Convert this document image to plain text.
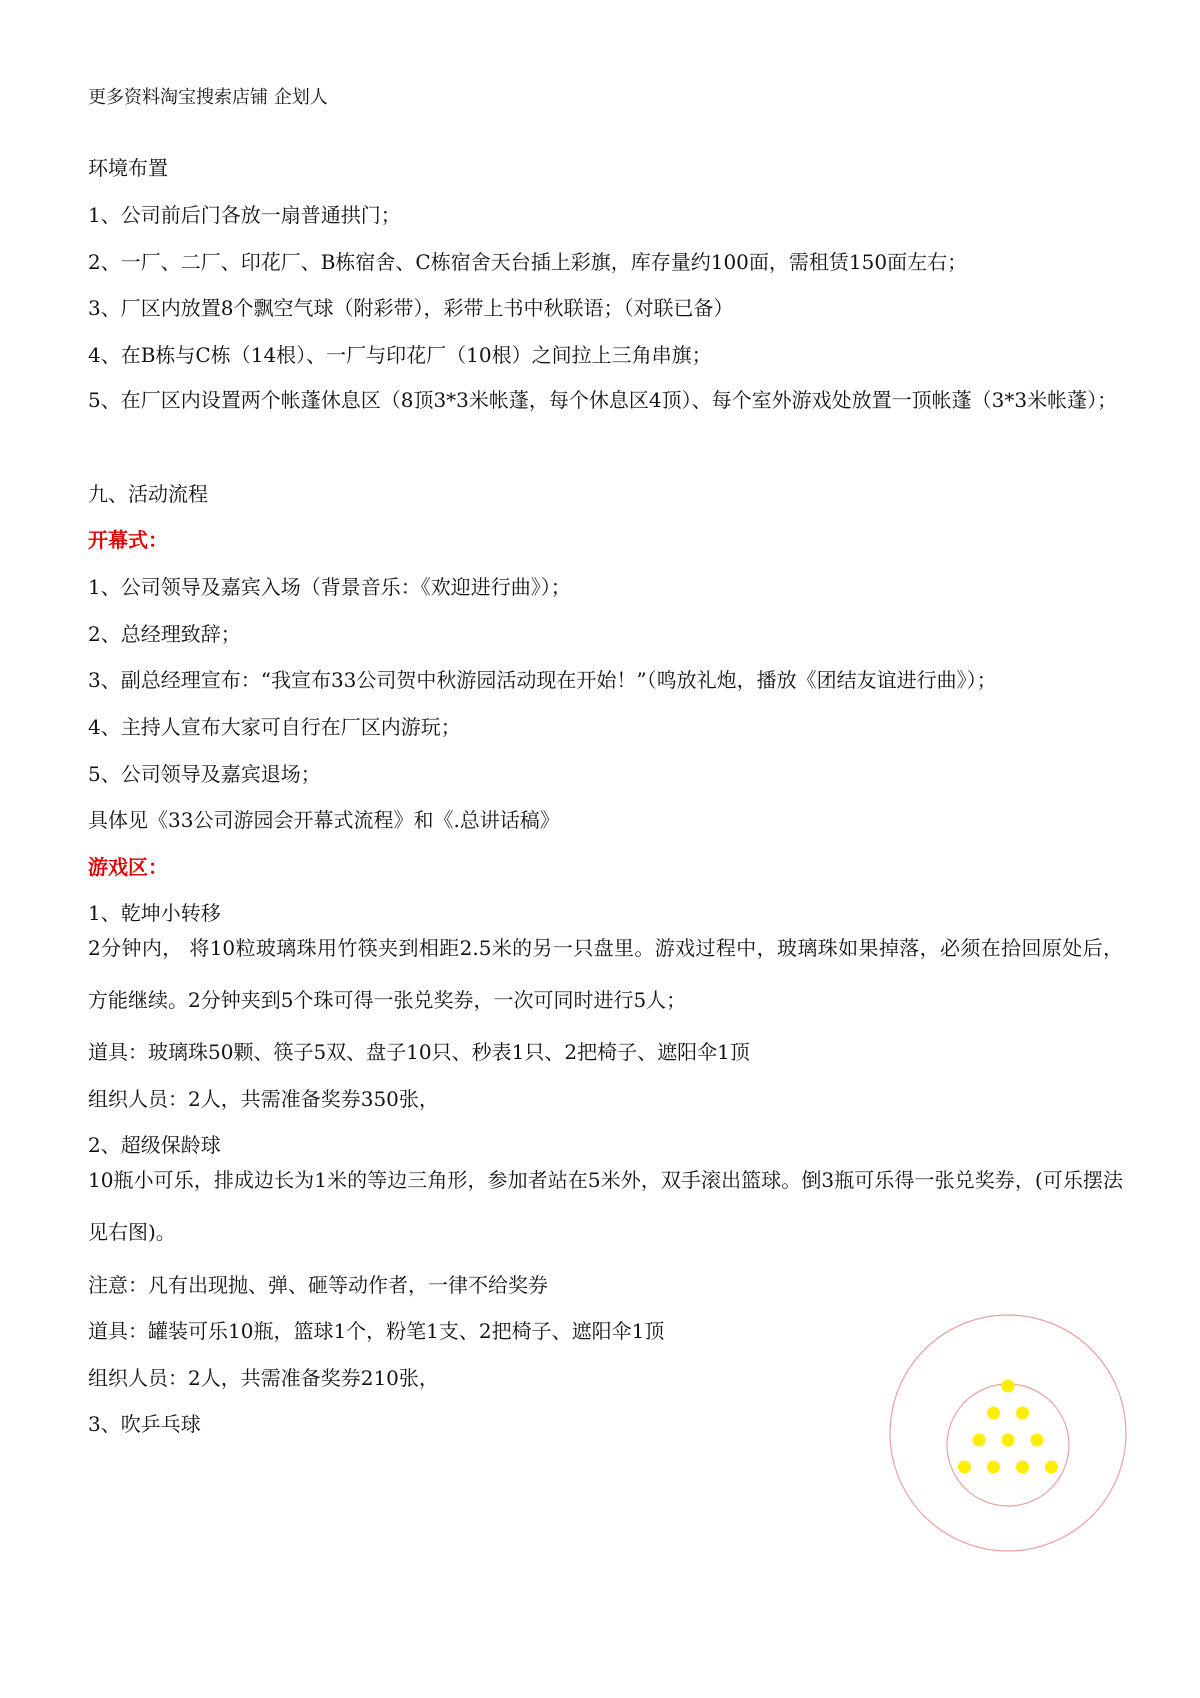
更多资料淘宝搜索店铺 企划人
环境布置
1、公司前后门各放一扇普通拱门；
2、一厂、二厂、印花厂、B栋宿舍、C栋宿舍天台插上彩旗，库存量约100面，需租赁150面左右；
3、厂区内放置8个飘空气球（附彩带），彩带上书中秋联语；（对联已备）
4、在B栋与C栋（14根）、一厂与印花厂（10根）之间拉上三角串旗；
5、在厂区内设置两个帐蓬休息区（8顶3*3米帐蓬，每个休息区4顶）、每个室外游戏处放置一顶帐蓬（3*3米帐蓬）；
九、活动流程
开幕式：
1、公司领导及嘉宾入场（背景音乐：《欢迎进行曲》）；
2、总经理致辞；
3、副总经理宣布：“我宣布33公司贺中秋游园活动现在开始！”（鸣放礼炮，播放《团结友谊进行曲》）；
4、主持人宣布大家可自行在厂区内游玩；
5、公司领导及嘉宾退场；
具体见《33公司游园会开幕式流程》和《.总讲话稿》
游戏区：
1、乾坤小转移
2分钟内， 将10粒玻璃珠用竹筷夹到相距2.5米的另一只盘里。游戏过程中，玻璃珠如果掉落，必须在拾回原处后，方能继续。2分钟夹到5个珠可得一张兑奖券，一次可同时进行5人；
道具：玻璃珠50颗、筷子5双、盘子10只、秒表1只、2把椅子、遮阳伞1顶
组织人员：2人，共需准备奖券350张，
2、超级保龄球
10瓶小可乐，排成边长为1米的等边三角形，参加者站在5米外，双手滚出篮球。倒3瓶可乐得一张兑奖券，(可乐摆法见右图)。
注意：凡有出现抛、弹、砸等动作者，一律不给奖券
道具：罐装可乐10瓶，篮球1个，粉笔1支、2把椅子、遮阳伞1顶
组织人员：2人，共需准备奖券210张，
3、吹乒乓球
